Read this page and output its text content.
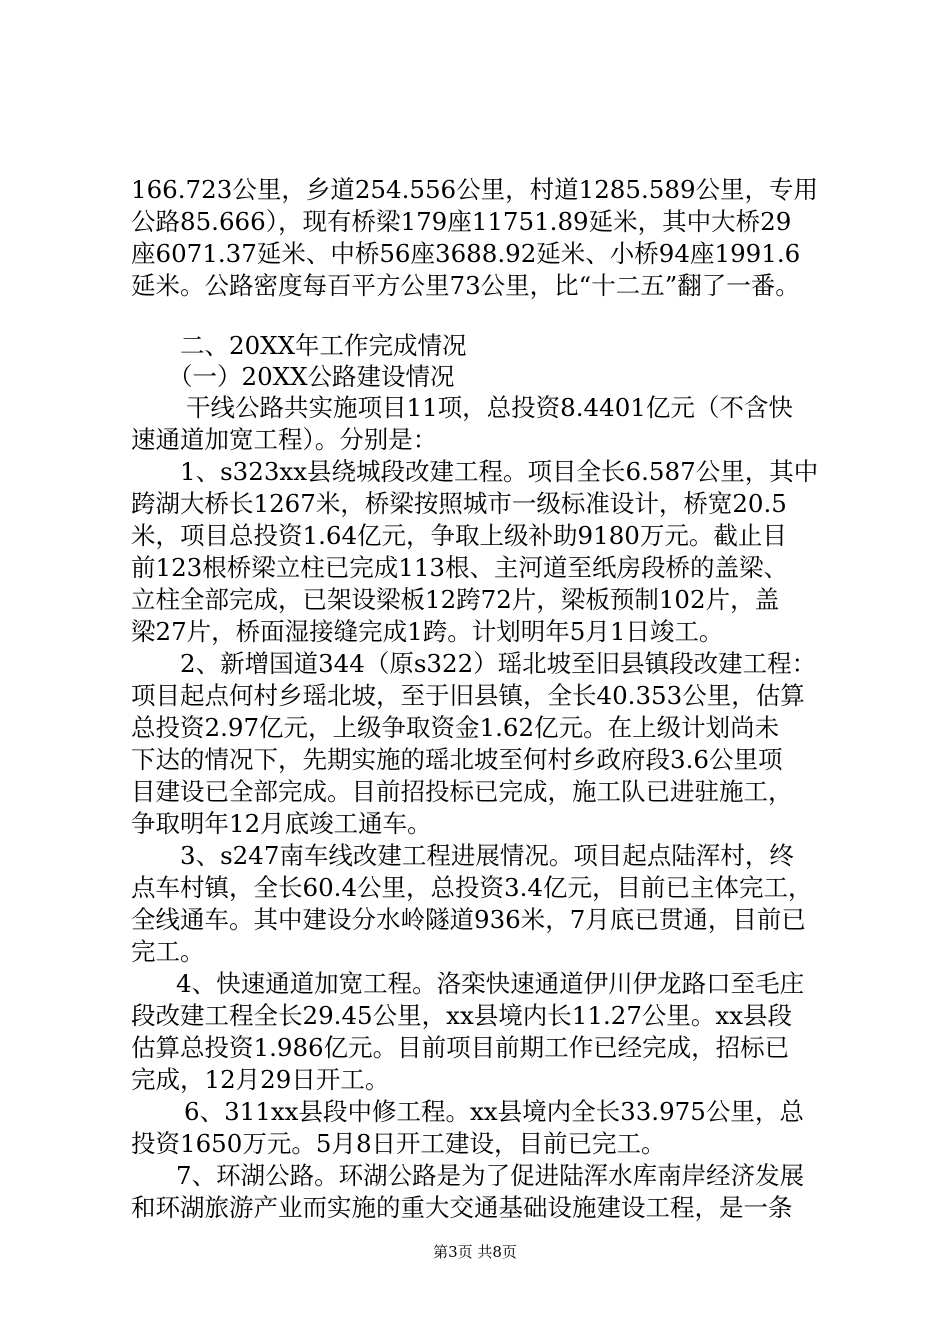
166.723公里，乡道254.556公里，村道1285.589公里，专用
公路85.666），现有桥梁179座11751.89延米，其中大桥29
座6071.37延米、中桥56座3688.92延米、小桥94座1991.6
延米。公路密度每百平方公里73公里，比“十二五”翻了一番。
二、20XX年工作完成情况
（一）20XX公路建设情况
干线公路共实施项目11项，总投资8.4401亿元（不含快
速通道加宽工程）。分别是：
1、s323xx县绕城段改建工程。项目全长6.587公里，其中
跨湖大桥长1267米，桥梁按照城市一级标准设计，桥宽20.5
米，项目总投资1.64亿元，争取上级补助9180万元。截止目
前123根桥梁立柱已完成113根、主河道至纸房段桥的盖梁、
立柱全部完成，已架设梁板12跨72片，梁板预制102片，盖
梁27片，桥面湿接缝完成1跨。计划明年5月1日竣工。
2、新增国道344（原s322）瑶北坡至旧县镇段改建工程：
项目起点何村乡瑶北坡，至于旧县镇，全长40.353公里，估算
总投资2.97亿元，上级争取资金1.62亿元。在上级计划尚未
下达的情况下，先期实施的瑶北坡至何村乡政府段3.6公里项
目建设已全部完成。目前招投标已完成，施工队已进驻施工，
争取明年12月底竣工通车。
3、s247南车线改建工程进展情况。项目起点陆浑村，终
点车村镇，全长60.4公里，总投资3.4亿元，目前已主体完工，
全线通车。其中建设分水岭隧道936米，7月底已贯通，目前已
完工。
4、快速通道加宽工程。洛栾快速通道伊川伊龙路口至毛庄
段改建工程全长29.45公里，xx县境内长11.27公里。xx县段
估算总投资1.986亿元。目前项目前期工作已经完成，招标已
完成，12月29日开工。
6、311xx县段中修工程。xx县境内全长33.975公里，总
投资1650万元。5月8日开工建设，目前已完工。
7、环湖公路。环湖公路是为了促进陆浑水库南岸经济发展
和环湖旅游产业而实施的重大交通基础设施建设工程，是一条
第3页 共8页
